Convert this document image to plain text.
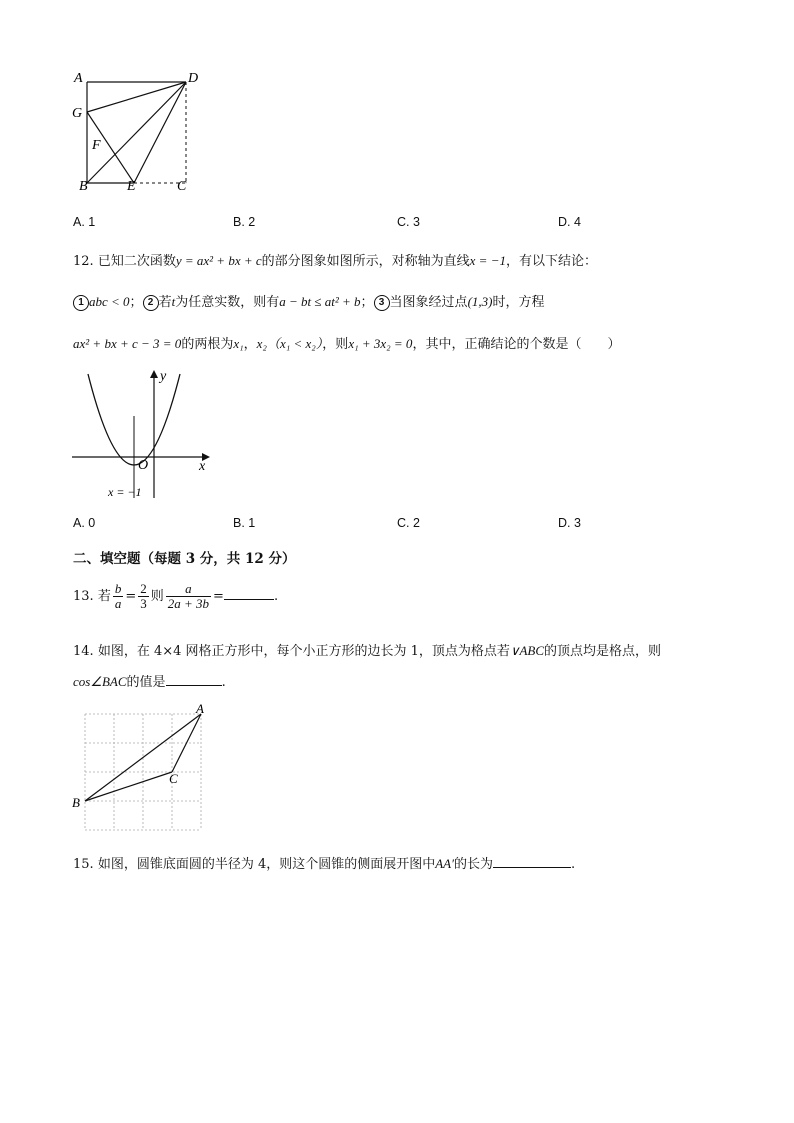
A	D
G
F
B	E	C
A. 1	B. 2	C. 3	D. 4
12. 已知二次函数y = ax² + bx + c的部分图象如图所示，对称轴为直线x = −1，有以下结论：
1 abc < 0； 2 若t为任意实数，则有a − bt ≤ at² + b； 3 当图象经过点(1,3)时，方程
ax² + bx + c − 3 = 0的两根为x₁，x₂（x₁ < x₂），则x₁ + 3x₂ = 0，其中，正确结论的个数是（　　）
y
x
O
x = −1
A. 0	B. 1	C. 2	D. 3
二、填空题（每题 3 分，共 12 分）
13. 若 $\frac{b}{a} = \frac{2}{3}$ 则 $\frac{a}{2a + 3b}$ =	.
14. 如图，在 4×4 网格正方形中，每个小正方形的边长为 1，顶点为格点若∨ABC的顶点均是格点，则
cos∠BAC的值是	.
A
B
C
15. 如图，圆锥底面圆的半径为 4，则这个圆锥的侧面展开图中AA′的长为	.
